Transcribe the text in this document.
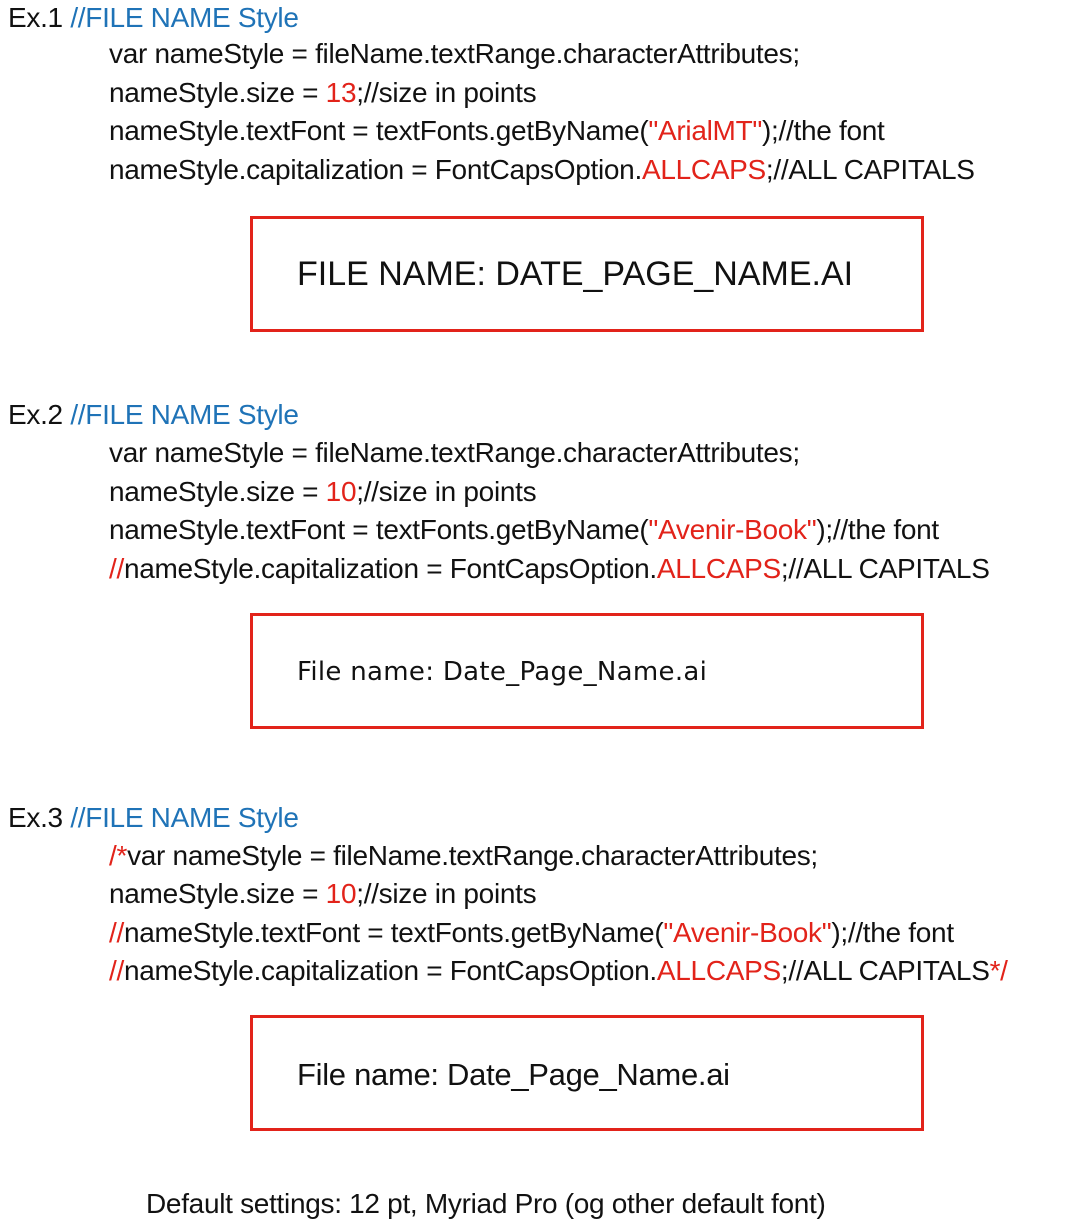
Ex.1 //FILE NAME Style
var nameStyle = fileName.textRange.characterAttributes;
nameStyle.size = 13;//size in points
nameStyle.textFont = textFonts.getByName("ArialMT");//the font
nameStyle.capitalization = FontCapsOption.ALLCAPS;//ALL CAPITALS
FILE NAME: DATE_PAGE_NAME.AI
Ex.2 //FILE NAME Style
var nameStyle = fileName.textRange.characterAttributes;
nameStyle.size = 10;//size in points
nameStyle.textFont = textFonts.getByName("Avenir-Book");//the font
//nameStyle.capitalization = FontCapsOption.ALLCAPS;//ALL CAPITALS
File name: Date_Page_Name.ai
Ex.3 //FILE NAME Style
/*var nameStyle = fileName.textRange.characterAttributes;
nameStyle.size = 10;//size in points
//nameStyle.textFont = textFonts.getByName("Avenir-Book");//the font
//nameStyle.capitalization = FontCapsOption.ALLCAPS;//ALL CAPITALS*/
File name: Date_Page_Name.ai
Default settings: 12 pt, Myriad Pro (og other default font)
